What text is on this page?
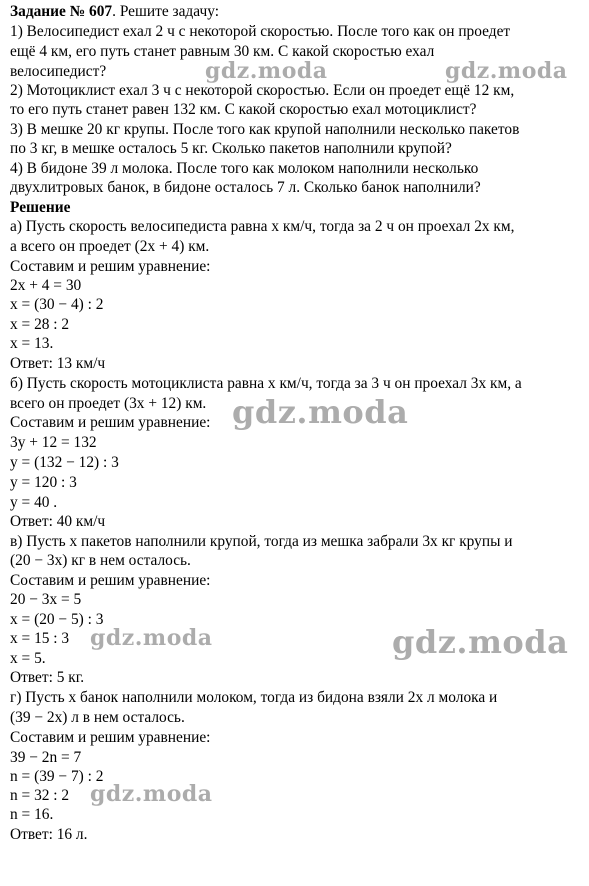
Задание № 607. Решите задачу:
1) Велосипедист ехал 2 ч с некоторой скоростью. После того как он проедет
ещё 4 км, его путь станет равным 30 км. С какой скоростью ехал
велосипедист?
2) Мотоциклист ехал 3 ч с некоторой скоростью. Если он проедет ещё 12 км,
то его путь станет равен 132 км. С какой скоростью ехал мотоциклист?
3) В мешке 20 кг крупы. После того как крупой наполнили несколько пакетов
по 3 кг, в мешке осталось 5 кг. Сколько пакетов наполнили крупой?
4) В бидоне 39 л молока. После того как молоком наполнили несколько
двухлитровых банок, в бидоне осталось 7 л. Сколько банок наполнили?
Решение
а) Пусть скорость велосипедиста равна х км/ч, тогда за 2 ч он проехал 2х км,
а всего он проедет (2х + 4) км.
Составим и решим уравнение:
2х + 4 = 30
х = (30 − 4) : 2
х = 28 : 2
х = 13.
Ответ: 13 км/ч
б) Пусть скорость мотоциклиста равна х км/ч, тогда за 3 ч он проехал 3х км, а
всего он проедет (3х + 12) км.
Составим и решим уравнение:
3у + 12 = 132
у = (132 − 12) : 3
у = 120 : 3
у = 40 .
Ответ: 40 км/ч
в) Пусть х пакетов наполнили крупой, тогда из мешка забрали 3х кг крупы и
(20 − 3х) кг в нем осталось.
Составим и решим уравнение:
20 − 3х = 5
х = (20 − 5) : 3
х = 15 : 3
х = 5.
Ответ: 5 кг.
г) Пусть х банок наполнили молоком, тогда из бидона взяли 2х л молока и
(39 − 2х) л в нем осталось.
Составим и решим уравнение:
39 − 2n = 7
n = (39 − 7) : 2
n = 32 : 2
n = 16.
Ответ: 16 л.
gdz.moda	gdz.moda
gdz.moda
gdz.moda	gdz.moda
gdz.moda
